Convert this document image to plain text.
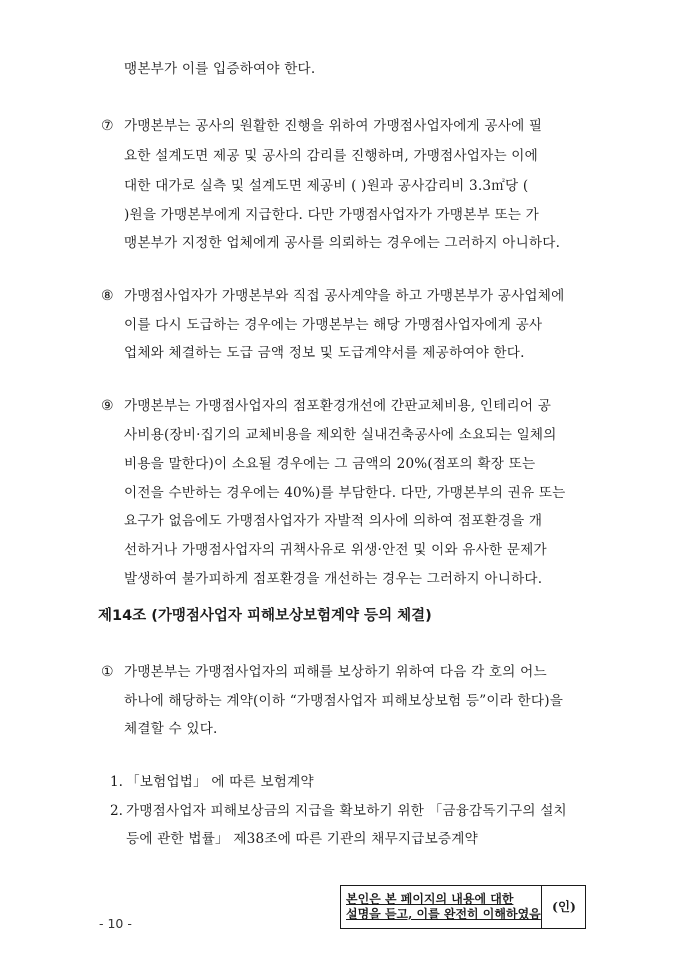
맹본부가 이를 입증하여야 한다.
⑦ 가맹본부는 공사의 원활한 진행을 위하여 가맹점사업자에게 공사에 필
요한 설계도면 제공 및 공사의 감리를 진행하며, 가맹점사업자는 이에
대한 대가로 실측 및 설계도면 제공비 ( )원과 공사감리비 3.3㎡당 (
)원을 가맹본부에게 지급한다. 다만 가맹점사업자가 가맹본부 또는 가
맹본부가 지정한 업체에게 공사를 의뢰하는 경우에는 그러하지 아니하다.
⑧ 가맹점사업자가 가맹본부와 직접 공사계약을 하고 가맹본부가 공사업체에
이를 다시 도급하는 경우에는 가맹본부는 해당 가맹점사업자에게 공사
업체와 체결하는 도급 금액 정보 및 도급계약서를 제공하여야 한다.
⑨ 가맹본부는 가맹점사업자의 점포환경개선에 간판교체비용, 인테리어 공
사비용(장비·집기의 교체비용을 제외한 실내건축공사에 소요되는 일체의
비용을 말한다)이 소요될 경우에는 그 금액의 20%(점포의 확장 또는
이전을 수반하는 경우에는 40%)를 부담한다. 다만, 가맹본부의 권유 또는
요구가 없음에도 가맹점사업자가 자발적 의사에 의하여 점포환경을 개
선하거나 가맹점사업자의 귀책사유로 위생·안전 및 이와 유사한 문제가
발생하여 불가피하게 점포환경을 개선하는 경우는 그러하지 아니하다.
제14조 (가맹점사업자 피해보상보험계약 등의 체결)
① 가맹본부는 가맹점사업자의 피해를 보상하기 위하여 다음 각 호의 어느
하나에 해당하는 계약(이하 “가맹점사업자 피해보상보험 등”이라 한다)을
체결할 수 있다.
1. 「보험업법」 에 따른 보험계약
2. 가맹점사업자 피해보상금의 지급을 확보하기 위한 「금융감독기구의 설치
등에 관한 법률」 제38조에 따른 기관의 채무지급보증계약
본인은 본 페이지의 내용에 대한
설명을 듣고, 이를 완전히 이해하였음 (인)
- 10 -
